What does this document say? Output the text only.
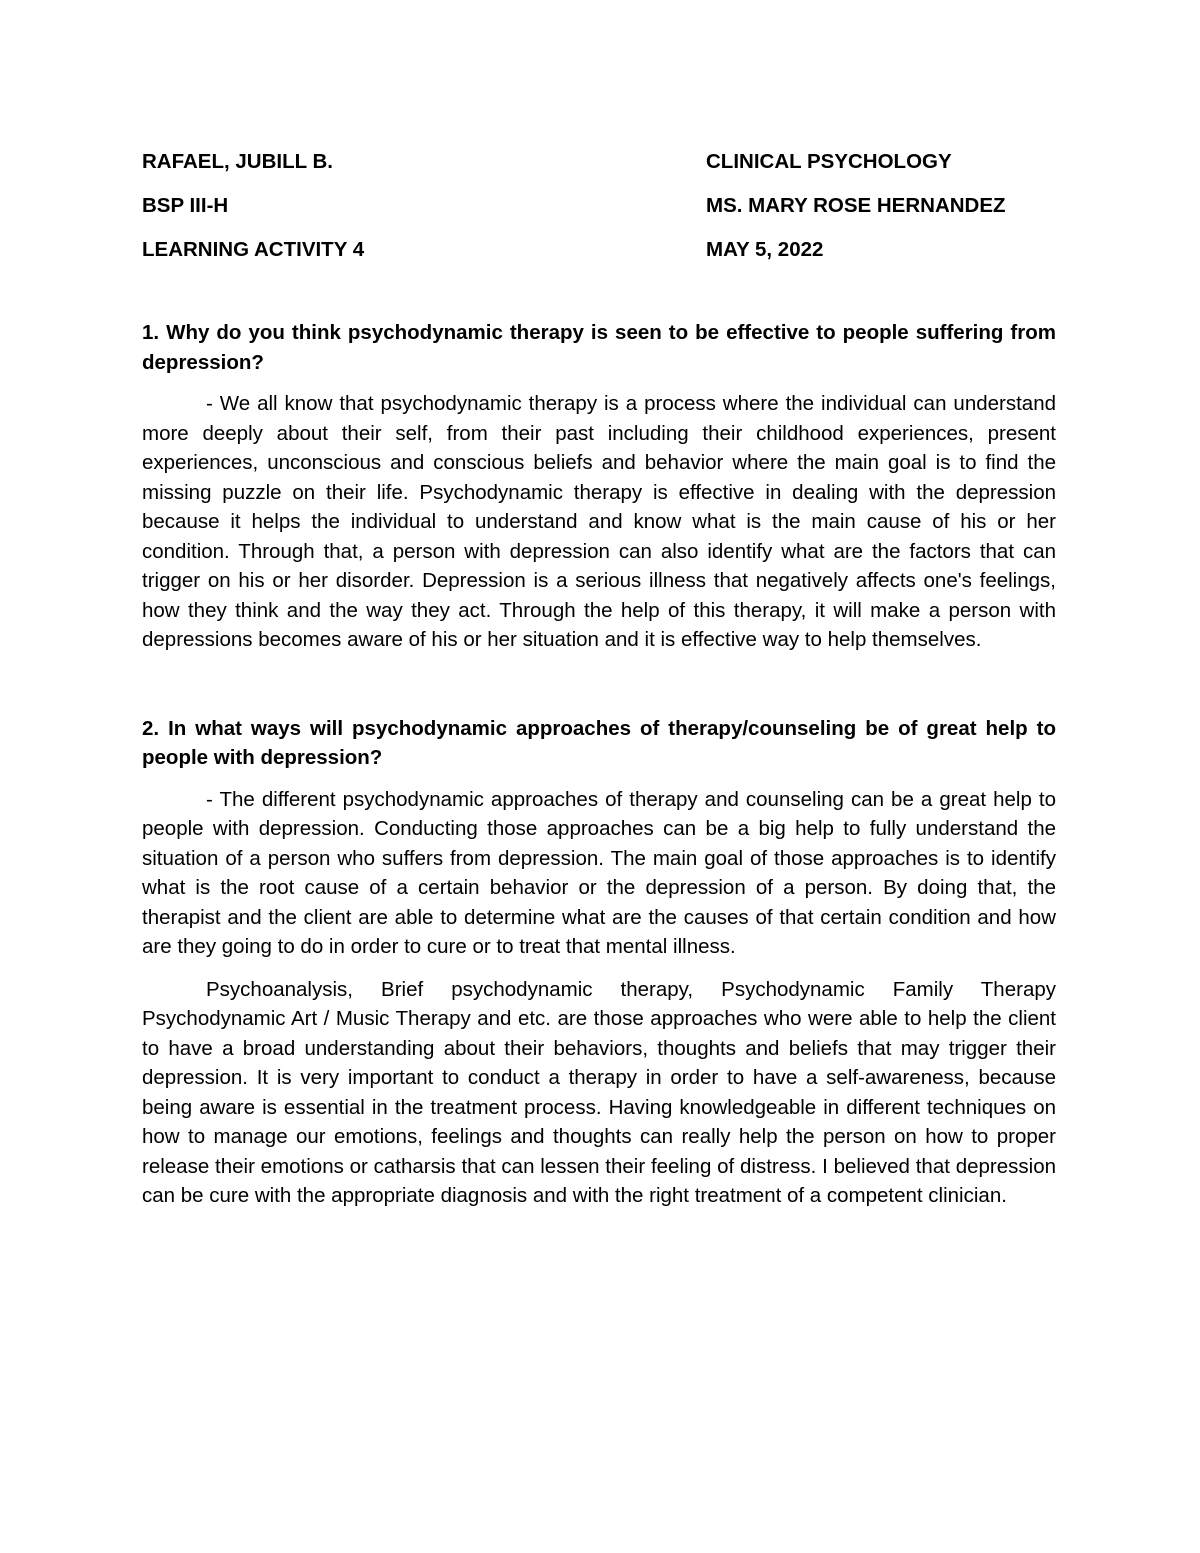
RAFAEL, JUBILL B.	CLINICAL PSYCHOLOGY
BSP III-H	MS. MARY ROSE HERNANDEZ
LEARNING ACTIVITY 4	MAY 5, 2022

1. Why do you think psychodynamic therapy is seen to be effective to people suffering from depression?

- We all know that psychodynamic therapy is a process where the individual can understand more deeply about their self, from their past including their childhood experiences, present experiences, unconscious and conscious beliefs and behavior where the main goal is to find the missing puzzle on their life. Psychodynamic therapy is effective in dealing with the depression because it helps the individual to understand and know what is the main cause of his or her condition. Through that, a person with depression can also identify what are the factors that can trigger on his or her disorder. Depression is a serious illness that negatively affects one's feelings, how they think and the way they act. Through the help of this therapy, it will make a person with depressions becomes aware of his or her situation and it is effective way to help themselves.

2. In what ways will psychodynamic approaches of therapy/counseling be of great help to people with depression?

- The different psychodynamic approaches of therapy and counseling can be a great help to people with depression. Conducting those approaches can be a big help to fully understand the situation of a person who suffers from depression. The main goal of those approaches is to identify what is the root cause of a certain behavior or the depression of a person. By doing that, the therapist and the client are able to determine what are the causes of that certain condition and how are they going to do in order to cure or to treat that mental illness.

Psychoanalysis, Brief psychodynamic therapy, Psychodynamic Family Therapy Psychodynamic Art / Music Therapy and etc. are those approaches who were able to help the client to have a broad understanding about their behaviors, thoughts and beliefs that may trigger their depression. It is very important to conduct a therapy in order to have a self-awareness, because being aware is essential in the treatment process. Having knowledgeable in different techniques on how to manage our emotions, feelings and thoughts can really help the person on how to proper release their emotions or catharsis that can lessen their feeling of distress. I believed that depression can be cure with the appropriate diagnosis and with the right treatment of a competent clinician.
